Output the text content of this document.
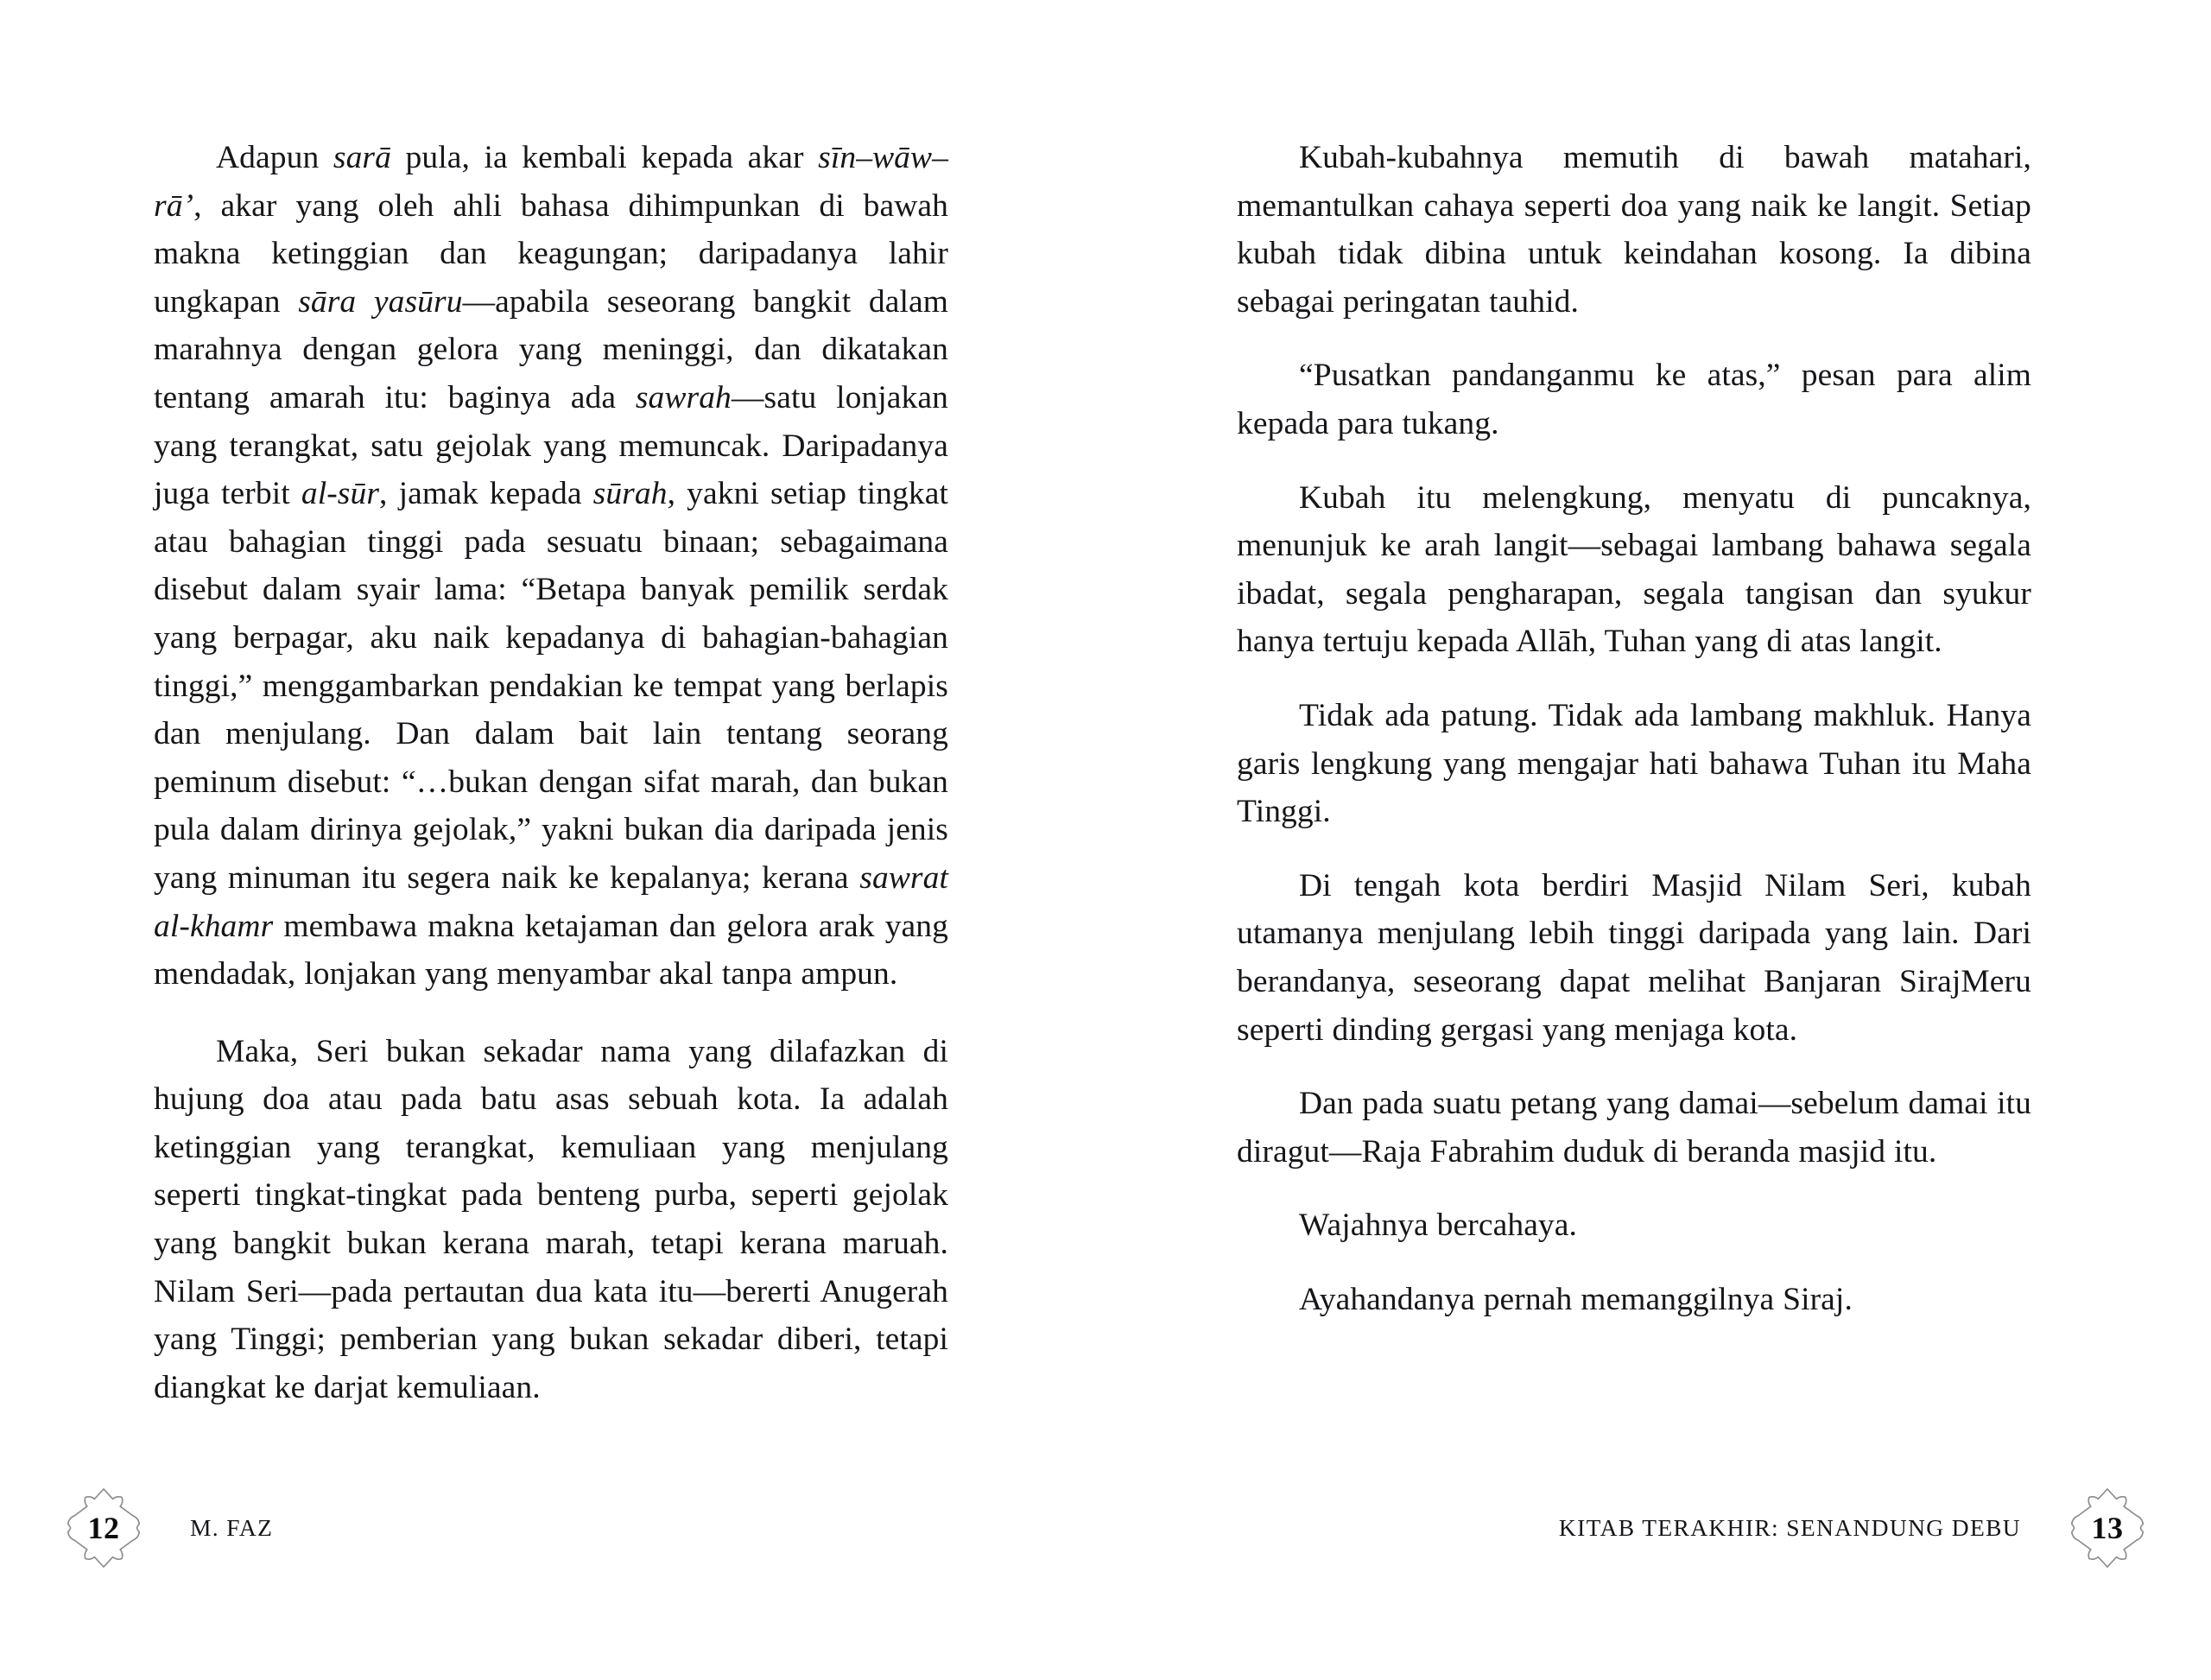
Adapun sarā pula, ia kembali kepada akar sīn–wāw–rā’, akar yang oleh ahli bahasa dihimpunkan di bawah makna ketinggian dan keagungan; daripadanya lahir ungkapan sāra yasūru—apabila seseorang bangkit dalam marahnya dengan gelora yang meninggi, dan dikatakan tentang amarah itu: baginya ada sawrah—satu lonjakan yang terangkat, satu gejolak yang memuncak. Daripadanya juga terbit al-sūr, jamak kepada sūrah, yakni setiap tingkat atau bahagian tinggi pada sesuatu binaan; sebagaimana disebut dalam syair lama: “Betapa banyak pemilik serdak yang berpagar, aku naik kepadanya di bahagian-bahagian tinggi,” menggambarkan pendakian ke tempat yang berlapis dan menjulang. Dan dalam bait lain tentang seorang peminum disebut: “…bukan dengan sifat marah, dan bukan pula dalam dirinya gejolak,” yakni bukan dia daripada jenis yang minuman itu segera naik ke kepalanya; kerana sawrat al-khamr membawa makna ketajaman dan gelora arak yang mendadak, lonjakan yang menyambar akal tanpa ampun.

Maka, Seri bukan sekadar nama yang dilafazkan di hujung doa atau pada batu asas sebuah kota. Ia adalah ketinggian yang terangkat, kemuliaan yang menjulang seperti tingkat-tingkat pada benteng purba, seperti gejolak yang bangkit bukan kerana marah, tetapi kerana maruah. Nilam Seri—pada pertautan dua kata itu—bererti Anugerah yang Tinggi; pemberian yang bukan sekadar diberi, tetapi diangkat ke darjat kemuliaan.

Kubah-kubahnya memutih di bawah matahari, memantulkan cahaya seperti doa yang naik ke langit. Setiap kubah tidak dibina untuk keindahan kosong. Ia dibina sebagai peringatan tauhid.

“Pusatkan pandanganmu ke atas,” pesan para alim kepada para tukang.

Kubah itu melengkung, menyatu di puncaknya, menunjuk ke arah langit—sebagai lambang bahawa segala ibadat, segala pengharapan, segala tangisan dan syukur hanya tertuju kepada Allāh, Tuhan yang di atas langit.

Tidak ada patung. Tidak ada lambang makhluk. Hanya garis lengkung yang mengajar hati bahawa Tuhan itu Maha Tinggi.

Di tengah kota berdiri Masjid Nilam Seri, kubah utamanya menjulang lebih tinggi daripada yang lain. Dari berandanya, seseorang dapat melihat Banjaran SirajMeru seperti dinding gergasi yang menjaga kota.

Dan pada suatu petang yang damai—sebelum damai itu diragut—Raja Fabrahim duduk di beranda masjid itu.

Wajahnya bercahaya.

Ayahandanya pernah memanggilnya Siraj.

12	M. FAZ	KITAB TERAKHIR: SENANDUNG DEBU 13
